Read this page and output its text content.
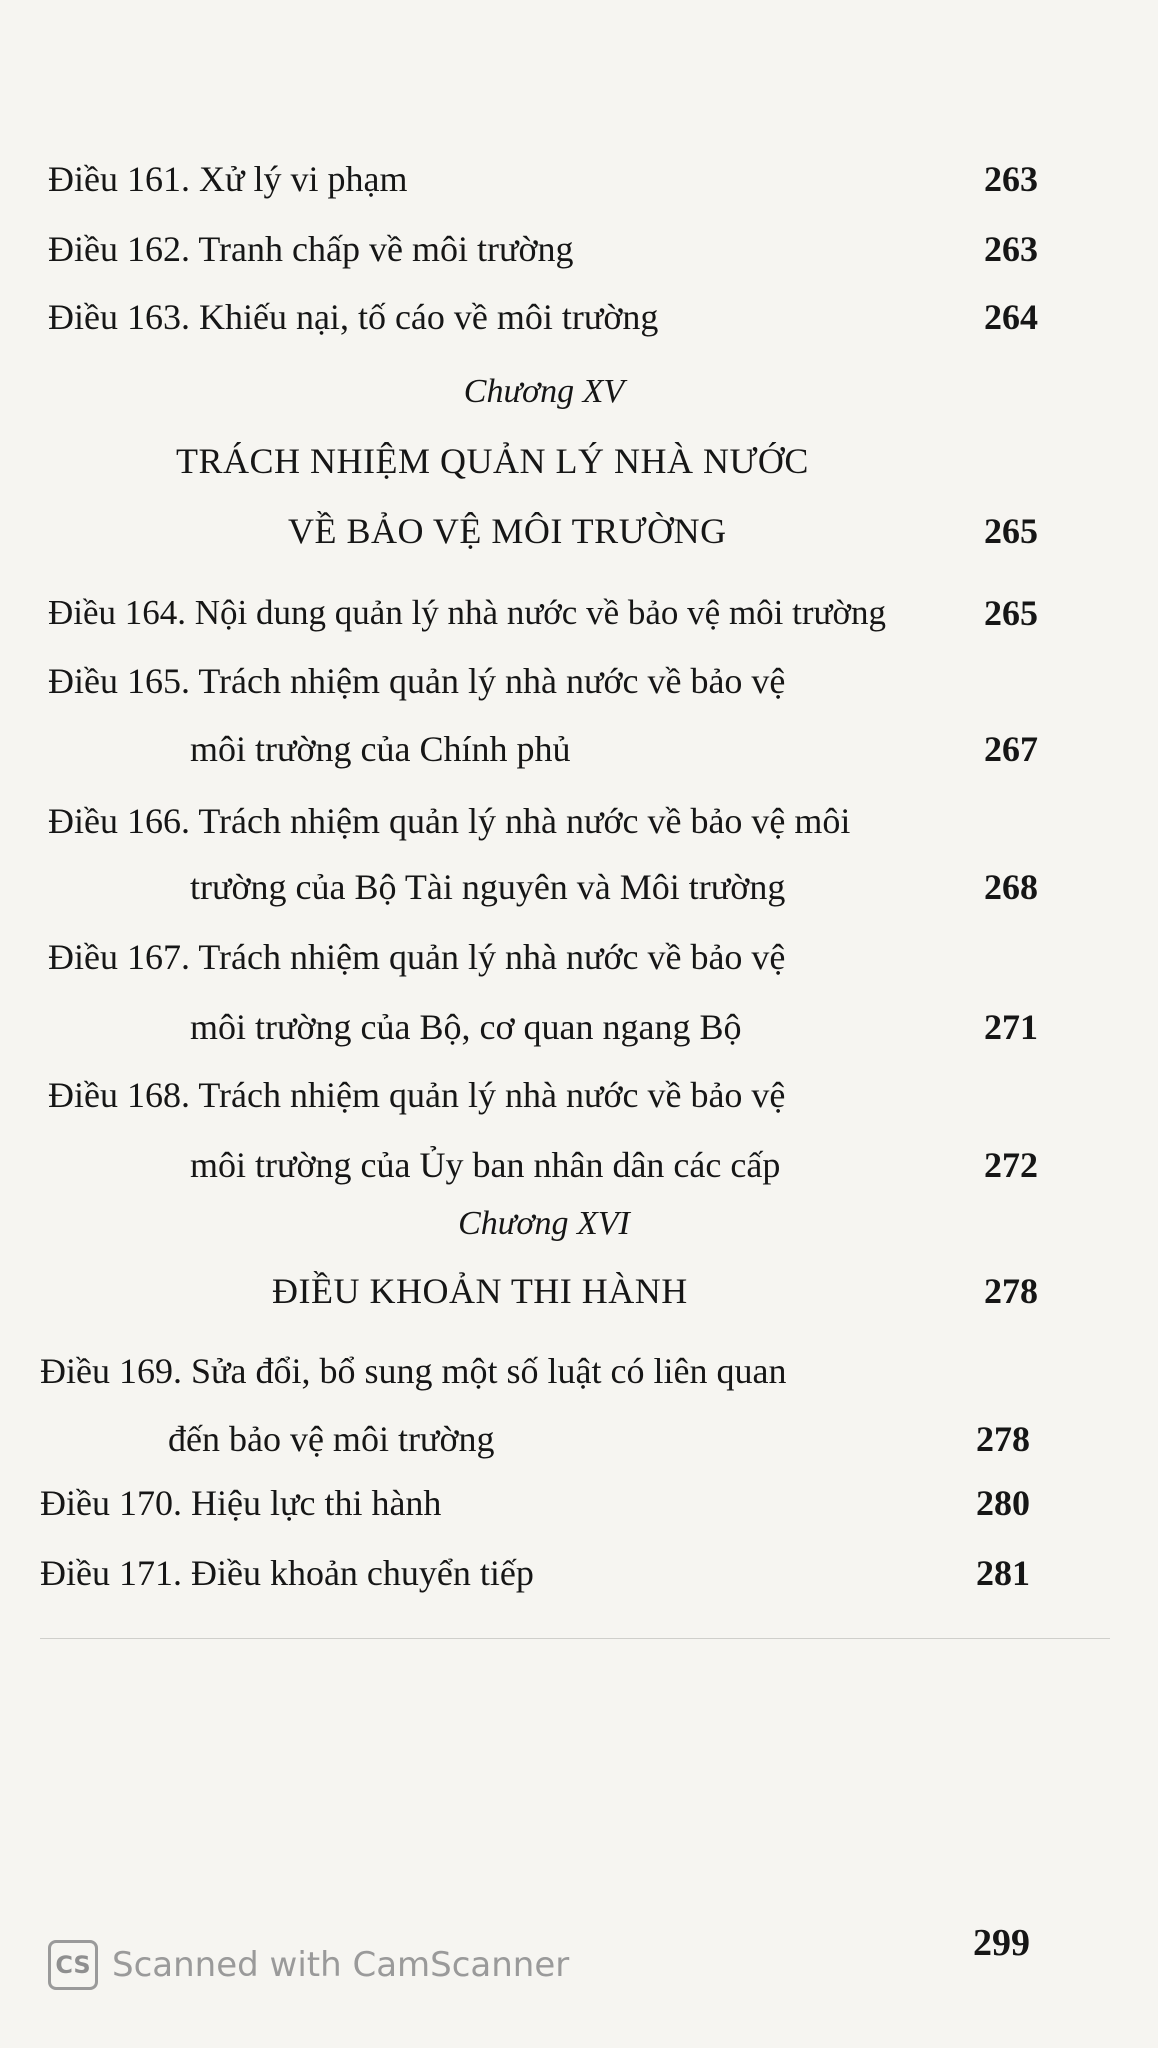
Điều 161. Xử lý vi phạm	263
Điều 162. Tranh chấp về môi trường	263
Điều 163. Khiếu nại, tố cáo về môi trường	264
Chương XV
TRÁCH NHIỆM QUẢN LÝ NHÀ NƯỚC
VỀ BẢO VỆ MÔI TRƯỜNG	265
Điều 164. Nội dung quản lý nhà nước về bảo vệ môi trường	265
Điều 165. Trách nhiệm quản lý nhà nước về bảo vệ
môi trường của Chính phủ	267
Điều 166. Trách nhiệm quản lý nhà nước về bảo vệ môi
trường của Bộ Tài nguyên và Môi trường	268
Điều 167. Trách nhiệm quản lý nhà nước về bảo vệ
môi trường của Bộ, cơ quan ngang Bộ	271
Điều 168. Trách nhiệm quản lý nhà nước về bảo vệ
môi trường của Ủy ban nhân dân các cấp	272
Chương XVI
ĐIỀU KHOẢN THI HÀNH	278
Điều 169. Sửa đổi, bổ sung một số luật có liên quan
đến bảo vệ môi trường	278
Điều 170. Hiệu lực thi hành	280
Điều 171. Điều khoản chuyển tiếp	281
299
CS Scanned with CamScanner
